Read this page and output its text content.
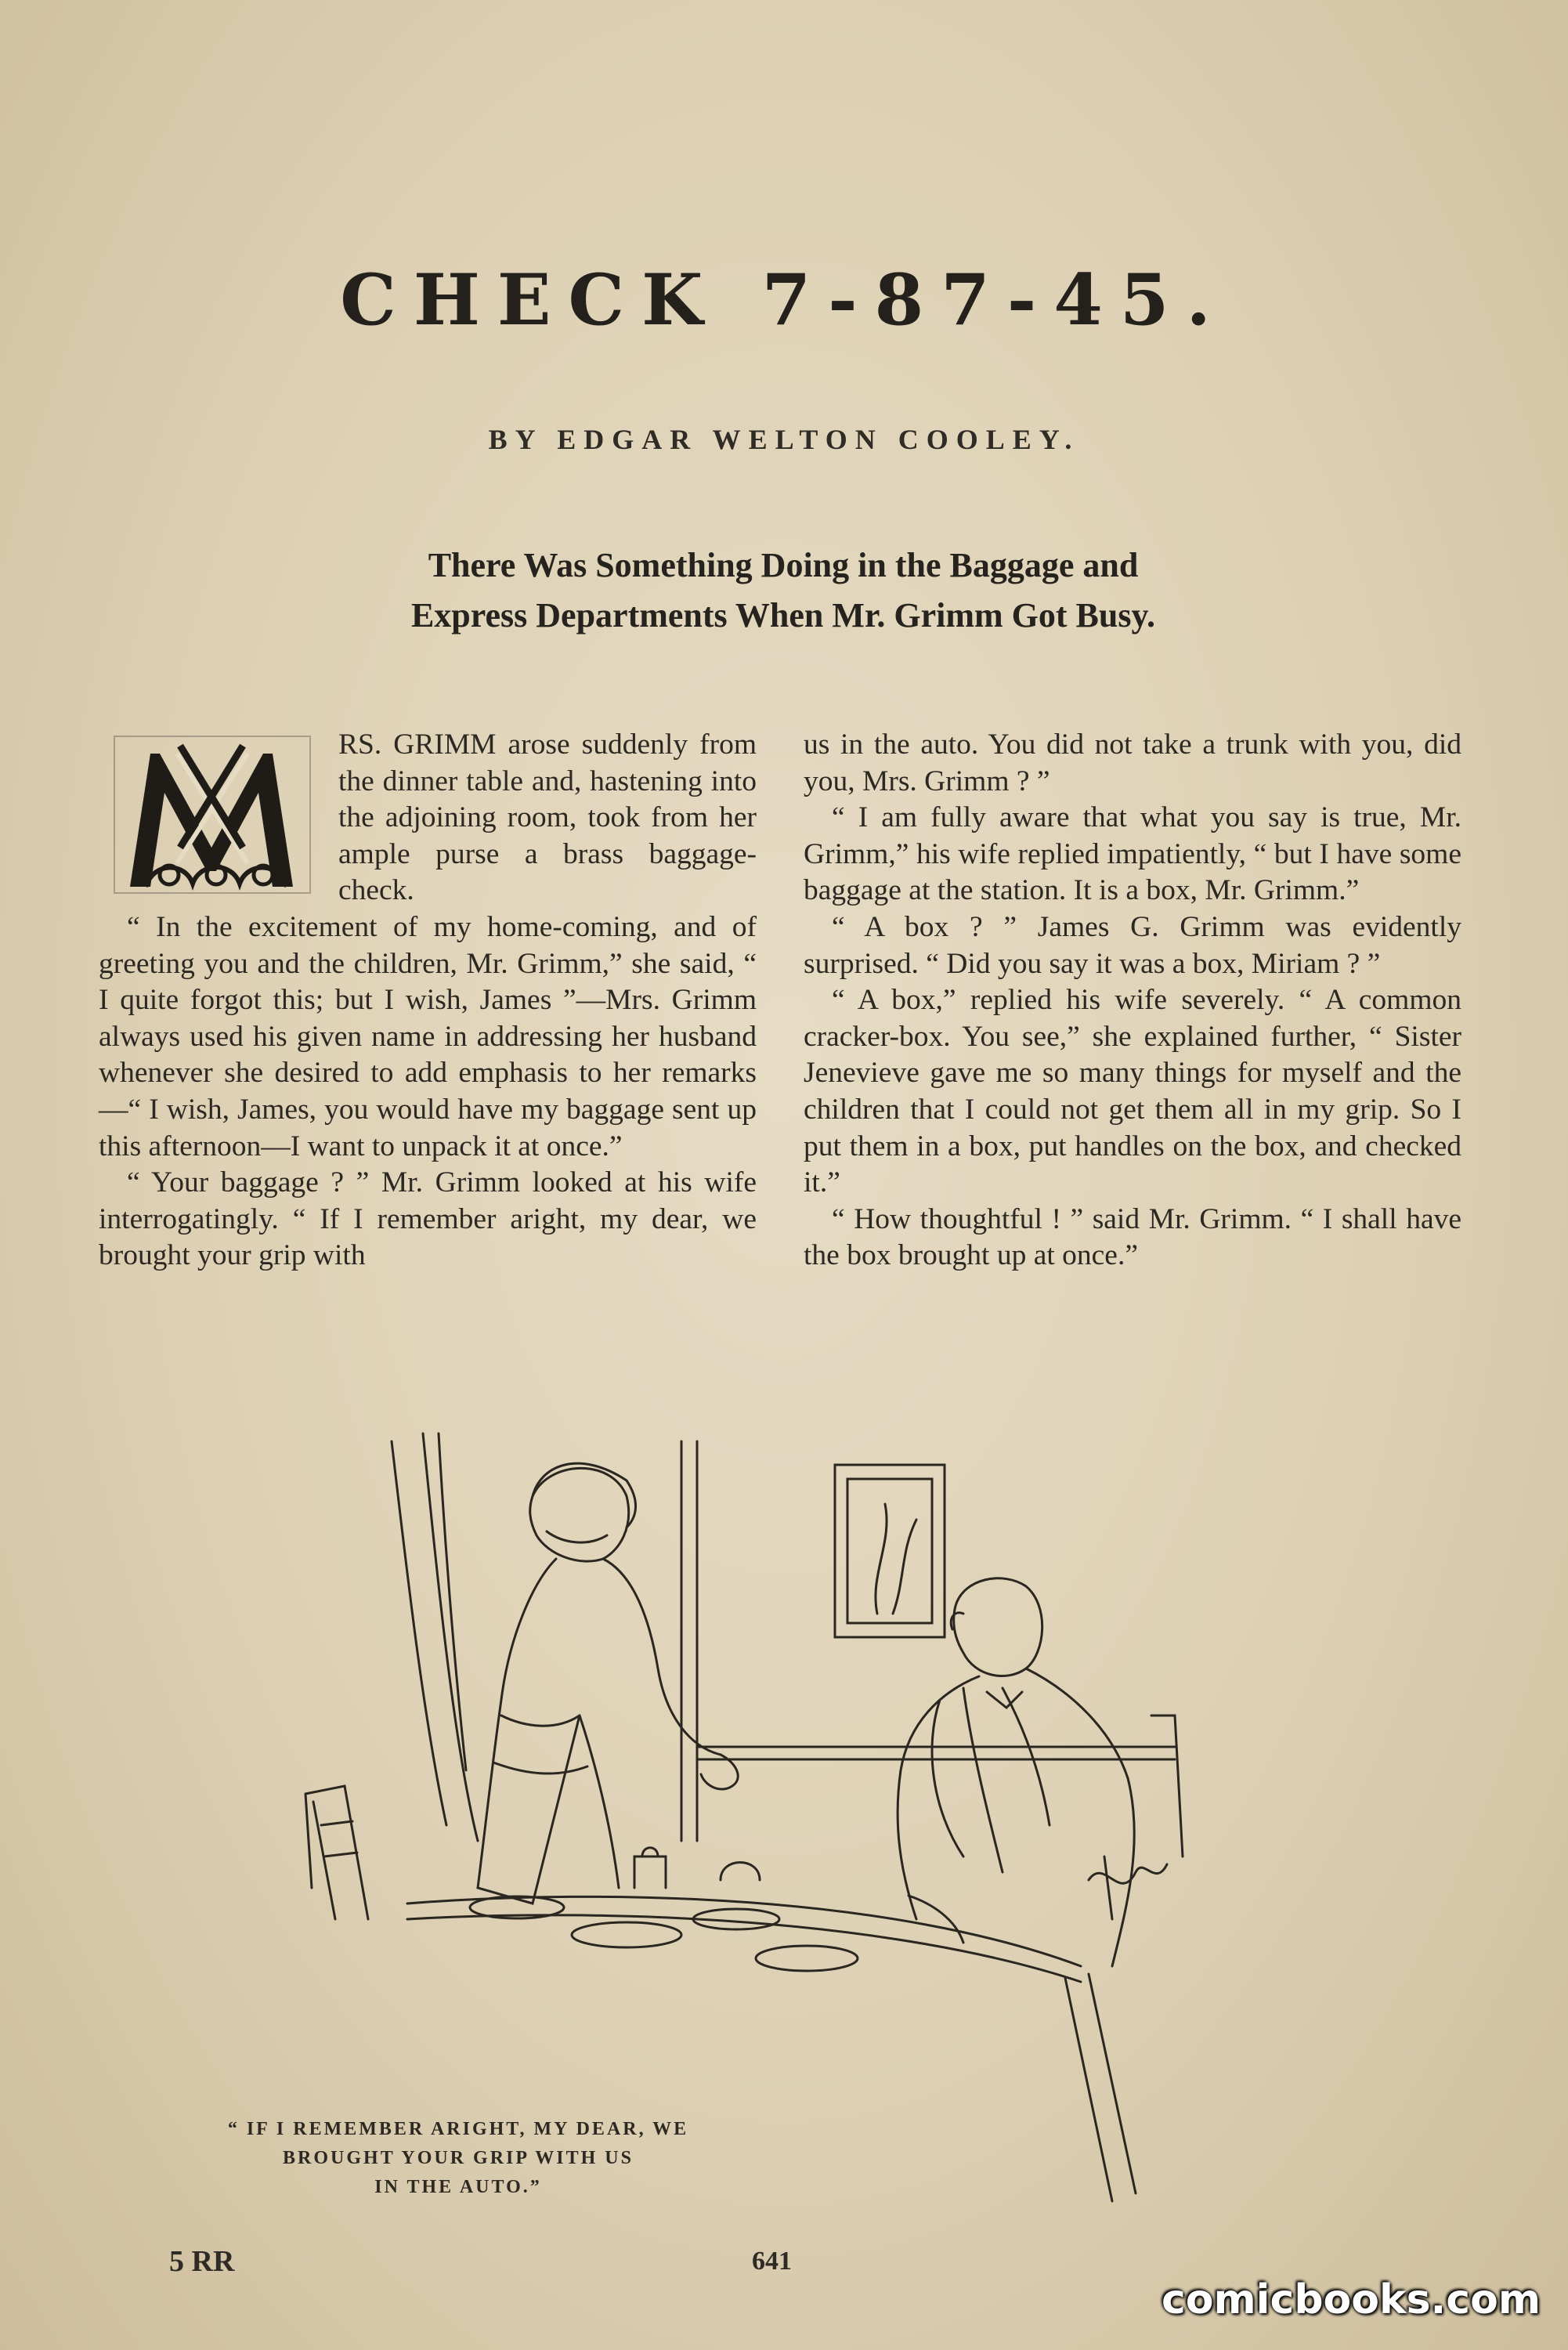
CHECK 7-87-45.
BY EDGAR WELTON COOLEY.
There Was Something Doing in the Baggage and
Express Departments When Mr. Grimm Got Busy.
M

RS. GRIMM arose suddenly from the dinner table and, hastening into the adjoining room, took from her ample purse a brass baggage-check.

“ In the excitement of my home-coming, and of greeting you and the children, Mr. Grimm,” she said, “ I quite forgot this; but I wish, James ”—Mrs. Grimm always used his given name in addressing her husband whenever she desired to add emphasis to her remarks—“ I wish, James, you would have my baggage sent up this afternoon—I want to unpack it at once.”

“ Your baggage ? ” Mr. Grimm looked at his wife interrogatingly. “ If I remember aright, my dear, we brought your grip with

us in the auto. You did not take a trunk with you, did you, Mrs. Grimm ? ”

“ I am fully aware that what you say is true, Mr. Grimm,” his wife replied impatiently, “ but I have some baggage at the station. It is a box, Mr. Grimm.”

“ A box ? ” James G. Grimm was evidently surprised. “ Did you say it was a box, Miriam ? ”

“ A box,” replied his wife severely. “ A common cracker-box. You see,” she explained further, “ Sister Jenevieve gave me so many things for myself and the children that I could not get them all in my grip. So I put them in a box, put handles on the box, and checked it.”

“ How thoughtful ! ” said Mr. Grimm. “ I shall have the box brought up at once.”

“ IF I REMEMBER ARIGHT, MY DEAR, WE
BROUGHT YOUR GRIP WITH US
IN THE AUTO.”
5 RR	641
comicbooks.com
